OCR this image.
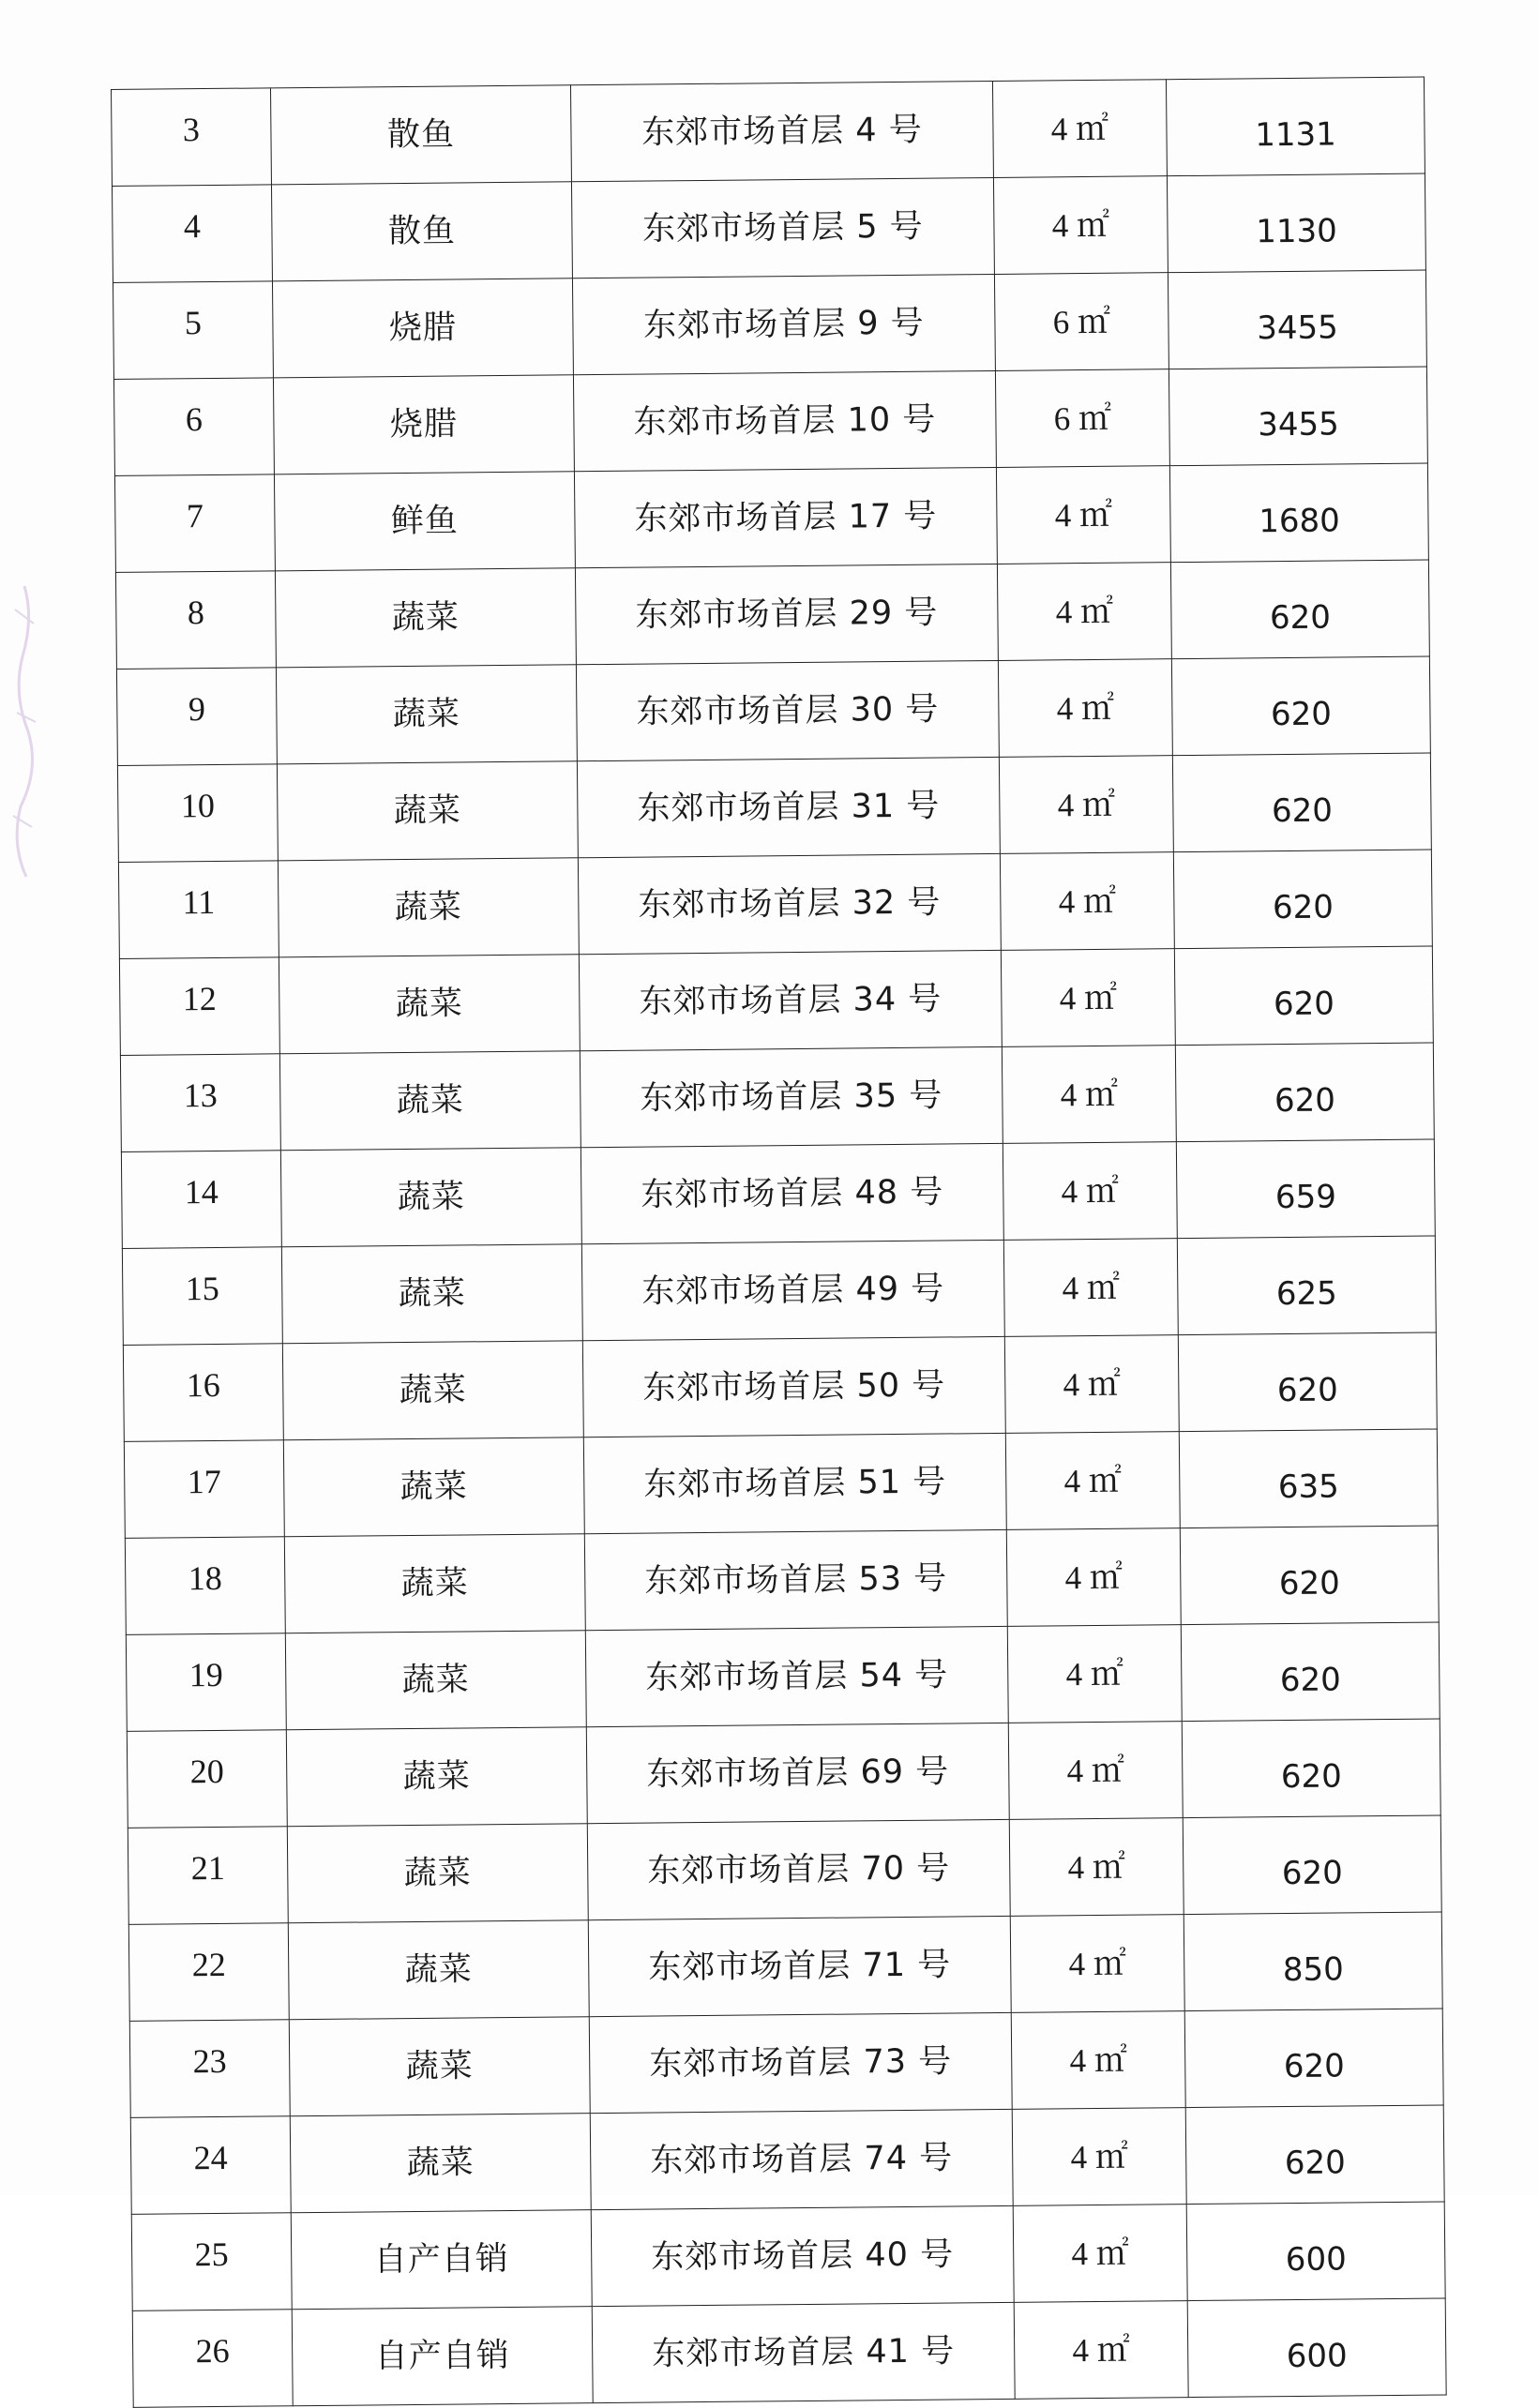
3	散鱼	东郊市场首层 4 号	4 ㎡	1131
4	散鱼	东郊市场首层 5 号	4 ㎡	1130
5	烧腊	东郊市场首层 9 号	6 ㎡	3455
6	烧腊	东郊市场首层 10 号	6 ㎡	3455
7	鲜鱼	东郊市场首层 17 号	4 ㎡	1680
8	蔬菜	东郊市场首层 29 号	4 ㎡	620
9	蔬菜	东郊市场首层 30 号	4 ㎡	620
10	蔬菜	东郊市场首层 31 号	4 ㎡	620
11	蔬菜	东郊市场首层 32 号	4 ㎡	620
12	蔬菜	东郊市场首层 34 号	4 ㎡	620
13	蔬菜	东郊市场首层 35 号	4 ㎡	620
14	蔬菜	东郊市场首层 48 号	4 ㎡	659
15	蔬菜	东郊市场首层 49 号	4 ㎡	625
16	蔬菜	东郊市场首层 50 号	4 ㎡	620
17	蔬菜	东郊市场首层 51 号	4 ㎡	635
18	蔬菜	东郊市场首层 53 号	4 ㎡	620
19	蔬菜	东郊市场首层 54 号	4 ㎡	620
20	蔬菜	东郊市场首层 69 号	4 ㎡	620
21	蔬菜	东郊市场首层 70 号	4 ㎡	620
22	蔬菜	东郊市场首层 71 号	4 ㎡	850
23	蔬菜	东郊市场首层 73 号	4 ㎡	620
24	蔬菜	东郊市场首层 74 号	4 ㎡	620
25	自产自销	东郊市场首层 40 号	4 ㎡	600
26	自产自销	东郊市场首层 41 号	4 ㎡	600
